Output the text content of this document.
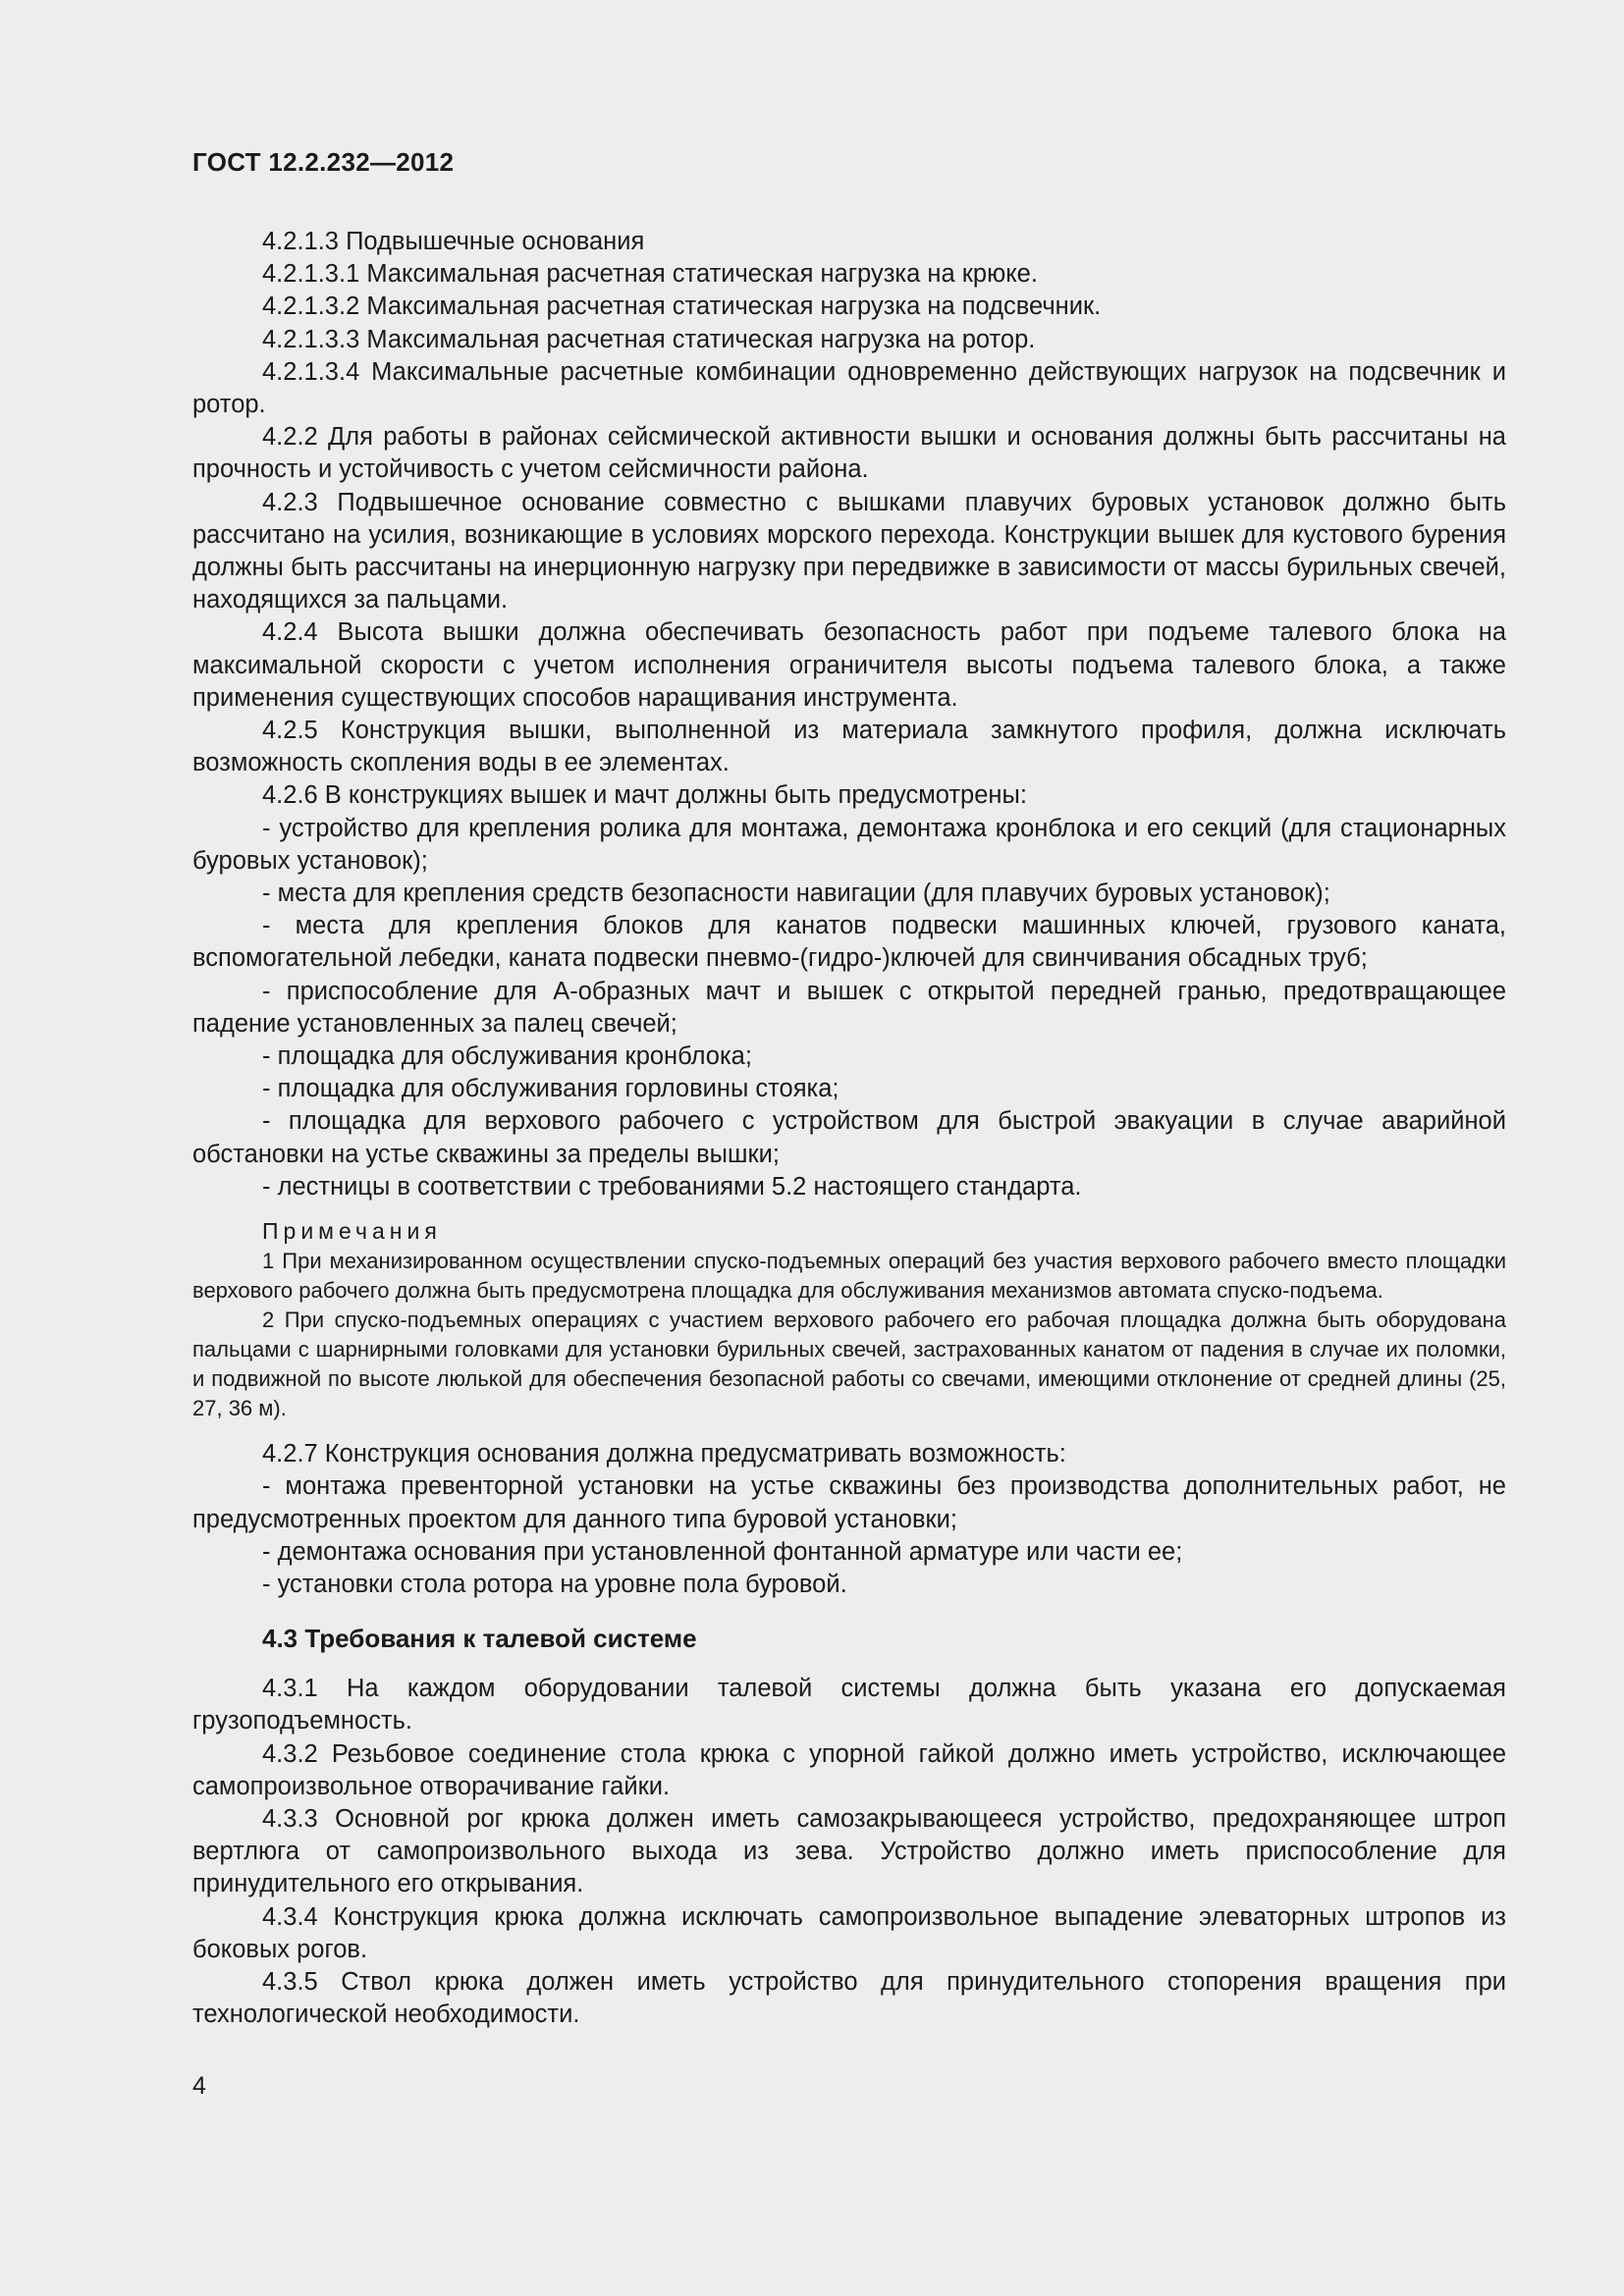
ГОСТ 12.2.232—2012

4.2.1.3 Подвышечные основания

4.2.1.3.1 Максимальная расчетная статическая нагрузка на крюке.

4.2.1.3.2 Максимальная расчетная статическая нагрузка на подсвечник.

4.2.1.3.3 Максимальная расчетная статическая нагрузка на ротор.

4.2.1.3.4 Максимальные расчетные комбинации одновременно действующих нагрузок на подсвечник и ротор.

4.2.2 Для работы в районах сейсмической активности вышки и основания должны быть рассчитаны на прочность и устойчивость с учетом сейсмичности района.

4.2.3 Подвышечное основание совместно с вышками плавучих буровых установок должно быть рассчитано на усилия, возникающие в условиях морского перехода. Конструкции вышек для кустового бурения должны быть рассчитаны на инерционную нагрузку при передвижке в зависимости от массы бурильных свечей, находящихся за пальцами.

4.2.4 Высота вышки должна обеспечивать безопасность работ при подъеме талевого блока на максимальной скорости с учетом исполнения ограничителя высоты подъема талевого блока, а также применения существующих способов наращивания инструмента.

4.2.5 Конструкция вышки, выполненной из материала замкнутого профиля, должна исключать возможность скопления воды в ее элементах.

4.2.6 В конструкциях вышек и мачт должны быть предусмотрены:

- устройство для крепления ролика для монтажа, демонтажа кронблока и его секций (для стационарных буровых установок);

- места для крепления средств безопасности навигации (для плавучих буровых установок);

- места для крепления блоков для канатов подвески машинных ключей, грузового каната, вспомогательной лебедки, каната подвески пневмо-(гидро-)ключей для свинчивания обсадных труб;

- приспособление для А-образных мачт и вышек с открытой передней гранью, предотвращающее падение установленных за палец свечей;

- площадка для обслуживания кронблока;

- площадка для обслуживания горловины стояка;

- площадка для верхового рабочего с устройством для быстрой эвакуации в случае аварийной обстановки на устье скважины за пределы вышки;

- лестницы в соответствии с требованиями 5.2 настоящего стандарта.

Примечания

1 При механизированном осуществлении спуско-подъемных операций без участия верхового рабочего вместо площадки верхового рабочего должна быть предусмотрена площадка для обслуживания механизмов автомата спуско-подъема.

2 При спуско-подъемных операциях с участием верхового рабочего его рабочая площадка должна быть оборудована пальцами с шарнирными головками для установки бурильных свечей, застрахованных канатом от падения в случае их поломки, и подвижной по высоте люлькой для обеспечения безопасной работы со свечами, имеющими отклонение от средней длины (25, 27, 36 м).

4.2.7 Конструкция основания должна предусматривать возможность:

- монтажа превенторной установки на устье скважины без производства дополнительных работ, не предусмотренных проектом для данного типа буровой установки;

- демонтажа основания при установленной фонтанной арматуре или части ее;

- установки стола ротора на уровне пола буровой.

4.3 Требования к талевой системе

4.3.1 На каждом оборудовании талевой системы должна быть указана его допускаемая грузоподъемность.

4.3.2 Резьбовое соединение стола крюка с упорной гайкой должно иметь устройство, исключающее самопроизвольное отворачивание гайки.

4.3.3 Основной рог крюка должен иметь самозакрывающееся устройство, предохраняющее штроп вертлюга от самопроизвольного выхода из зева. Устройство должно иметь приспособление для принудительного его открывания.

4.3.4 Конструкция крюка должна исключать самопроизвольное выпадение элеваторных штропов из боковых рогов.

4.3.5 Ствол крюка должен иметь устройство для принудительного стопорения вращения при технологической необходимости.

4
